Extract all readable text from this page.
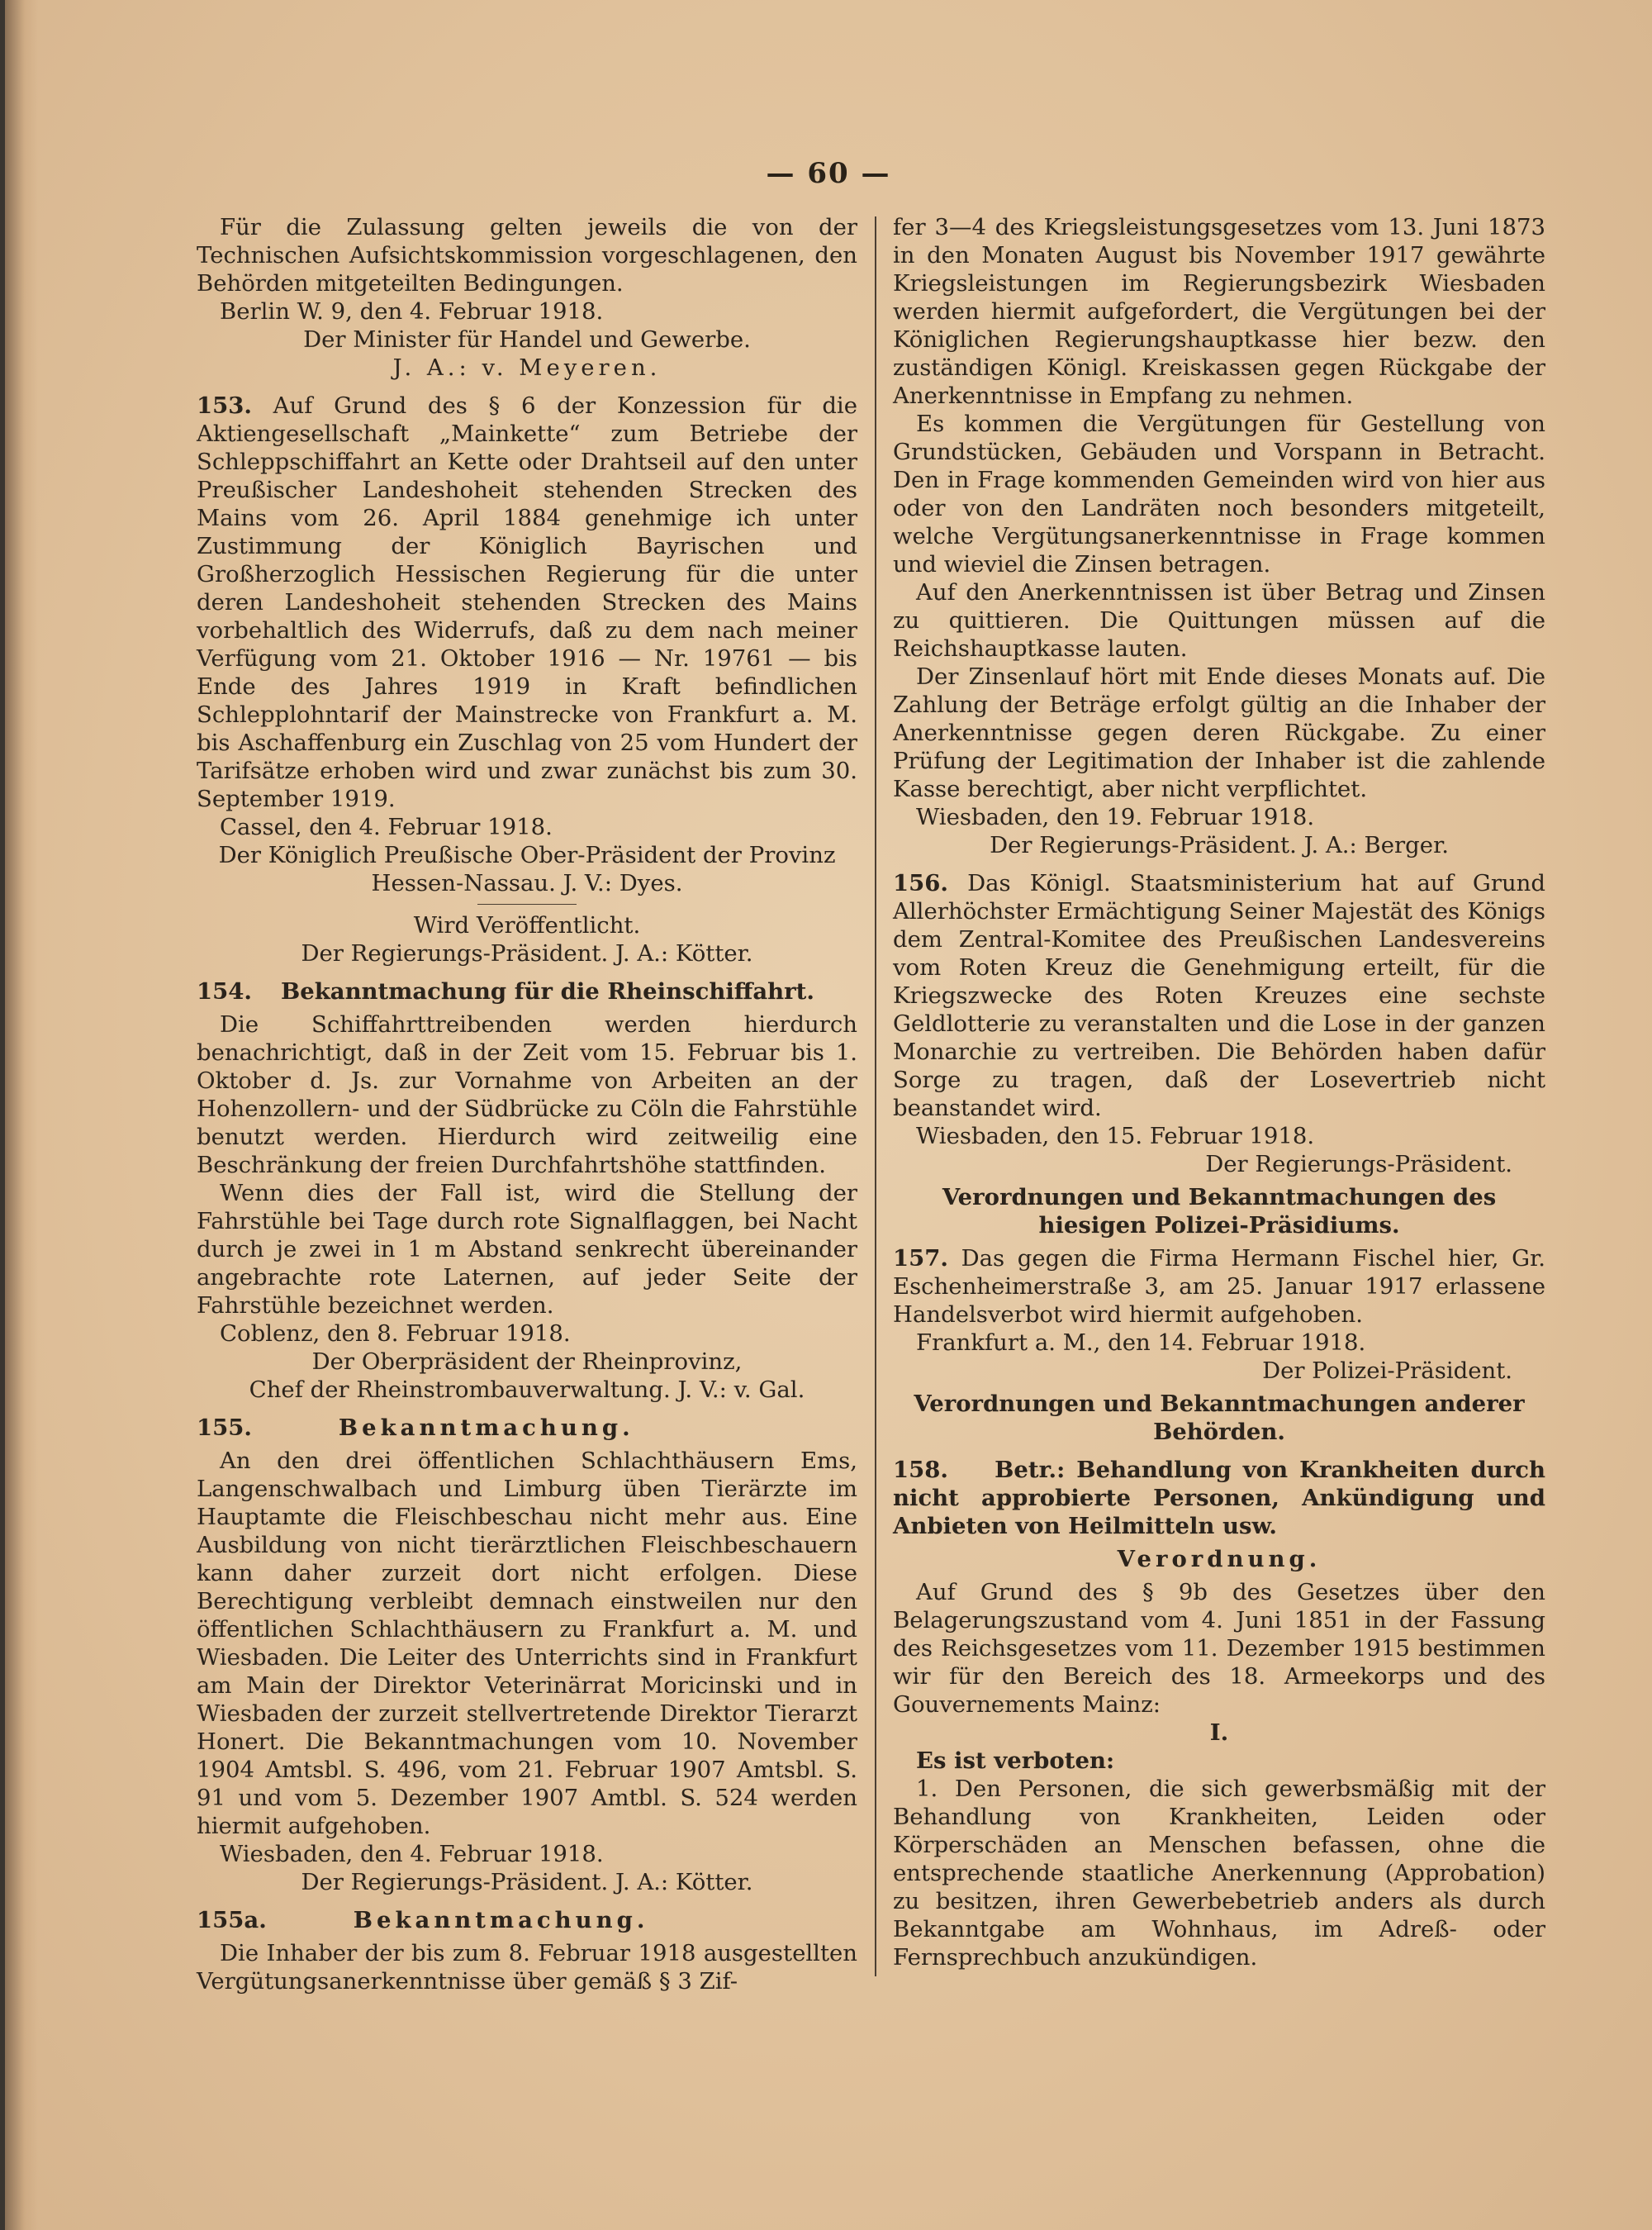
— 60 —

Für die Zulassung gelten jeweils die von der Technischen Aufsichtskommission vorgeschlagenen, den Behörden mitgeteilten Bedingungen.

Berlin W. 9, den 4. Februar 1918.

Der Minister für Handel und Gewerbe.

J. A.: v. Meyeren.

153. Auf Grund des § 6 der Konzession für die Aktiengesellschaft „Mainkette“ zum Betriebe der Schleppschiffahrt an Kette oder Drahtseil auf den unter Preußischer Landeshoheit stehenden Strecken des Mains vom 26. April 1884 genehmige ich unter Zustimmung der Königlich Bayrischen und Großherzoglich Hessischen Regierung für die unter deren Landeshoheit stehenden Strecken des Mains vorbehaltlich des Widerrufs, daß zu dem nach meiner Verfügung vom 21. Oktober 1916 — Nr. 19761 — bis Ende des Jahres 1919 in Kraft befindlichen Schlepplohntarif der Mainstrecke von Frankfurt a. M. bis Aschaffenburg ein Zuschlag von 25 vom Hundert der Tarifsätze erhoben wird und zwar zunächst bis zum 30. September 1919.

Cassel, den 4. Februar 1918.

Der Königlich Preußische Ober-Präsident der Provinz Hessen-Nassau. J. V.: Dyes.

Wird Veröffentlicht.

Der Regierungs-Präsident. J. A.: Kötter.

154. Bekanntmachung für die Rheinschiffahrt.

Die Schiffahrttreibenden werden hierdurch benachrichtigt, daß in der Zeit vom 15. Februar bis 1. Oktober d. Js. zur Vornahme von Arbeiten an der Hohenzollern- und der Südbrücke zu Cöln die Fahrstühle benutzt werden. Hierdurch wird zeitweilig eine Beschränkung der freien Durchfahrtshöhe stattfinden.

Wenn dies der Fall ist, wird die Stellung der Fahrstühle bei Tage durch rote Signalflaggen, bei Nacht durch je zwei in 1 m Abstand senkrecht übereinander angebrachte rote Laternen, auf jeder Seite der Fahrstühle bezeichnet werden.

Coblenz, den 8. Februar 1918.

Der Oberpräsident der Rheinprovinz,

Chef der Rheinstrombauverwaltung. J. V.: v. Gal.

155.	Bekanntmachung.

An den drei öffentlichen Schlachthäusern Ems, Langenschwalbach und Limburg üben Tierärzte im Hauptamte die Fleischbeschau nicht mehr aus. Eine Ausbildung von nicht tierärztlichen Fleischbeschauern kann daher zurzeit dort nicht erfolgen. Diese Berechtigung verbleibt demnach einstweilen nur den öffentlichen Schlachthäusern zu Frankfurt a. M. und Wiesbaden. Die Leiter des Unterrichts sind in Frankfurt am Main der Direktor Veterinärrat Moricinski und in Wiesbaden der zurzeit stellvertretende Direktor Tierarzt Honert. Die Bekanntmachungen vom 10. November 1904 Amtsbl. S. 496, vom 21. Februar 1907 Amtsbl. S. 91 und vom 5. Dezember 1907 Amtbl. S. 524 werden hiermit aufgehoben.

Wiesbaden, den 4. Februar 1918.

Der Regierungs-Präsident. J. A.: Kötter.

155a.	Bekanntmachung.

Die Inhaber der bis zum 8. Februar 1918 ausgestellten Vergütungsanerkenntnisse über gemäß § 3 Zif-

fer 3—4 des Kriegsleistungsgesetzes vom 13. Juni 1873 in den Monaten August bis November 1917 gewährte Kriegsleistungen im Regierungsbezirk Wiesbaden werden hiermit aufgefordert, die Vergütungen bei der Königlichen Regierungshauptkasse hier bezw. den zuständigen Königl. Kreiskassen gegen Rückgabe der Anerkenntnisse in Empfang zu nehmen.

Es kommen die Vergütungen für Gestellung von Grundstücken, Gebäuden und Vorspann in Betracht. Den in Frage kommenden Gemeinden wird von hier aus oder von den Landräten noch besonders mitgeteilt, welche Vergütungsanerkenntnisse in Frage kommen und wieviel die Zinsen betragen.

Auf den Anerkenntnissen ist über Betrag und Zinsen zu quittieren. Die Quittungen müssen auf die Reichshauptkasse lauten.

Der Zinsenlauf hört mit Ende dieses Monats auf. Die Zahlung der Beträge erfolgt gültig an die Inhaber der Anerkenntnisse gegen deren Rückgabe. Zu einer Prüfung der Legitimation der Inhaber ist die zahlende Kasse berechtigt, aber nicht verpflichtet.

Wiesbaden, den 19. Februar 1918.

Der Regierungs-Präsident. J. A.: Berger.

156. Das Königl. Staatsministerium hat auf Grund Allerhöchster Ermächtigung Seiner Majestät des Königs dem Zentral-Komitee des Preußischen Landesvereins vom Roten Kreuz die Genehmigung erteilt, für die Kriegszwecke des Roten Kreuzes eine sechste Geldlotterie zu veranstalten und die Lose in der ganzen Monarchie zu vertreiben. Die Behörden haben dafür Sorge zu tragen, daß der Losevertrieb nicht beanstandet wird.

Wiesbaden, den 15. Februar 1918.

Der Regierungs-Präsident.

Verordnungen und Bekanntmachungen des hiesigen Polizei-Präsidiums.

157. Das gegen die Firma Hermann Fischel hier, Gr. Eschenheimerstraße 3, am 25. Januar 1917 erlassene Handelsverbot wird hiermit aufgehoben.

Frankfurt a. M., den 14. Februar 1918.

Der Polizei-Präsident.

Verordnungen und Bekanntmachungen anderer Behörden.

158. Betr.: Behandlung von Krankheiten durch nicht approbierte Personen, Ankündigung und Anbieten von Heilmitteln usw.

Verordnung.

Auf Grund des § 9b des Gesetzes über den Belagerungszustand vom 4. Juni 1851 in der Fassung des Reichsgesetzes vom 11. Dezember 1915 bestimmen wir für den Bereich des 18. Armeekorps und des Gouvernements Mainz:

I.

Es ist verboten:

1. Den Personen, die sich gewerbsmäßig mit der Behandlung von Krankheiten, Leiden oder Körperschäden an Menschen befassen, ohne die entsprechende staatliche Anerkennung (Approbation) zu besitzen, ihren Gewerbebetrieb anders als durch Bekanntgabe am Wohnhaus, im Adreß- oder Fernsprechbuch anzukündigen.
